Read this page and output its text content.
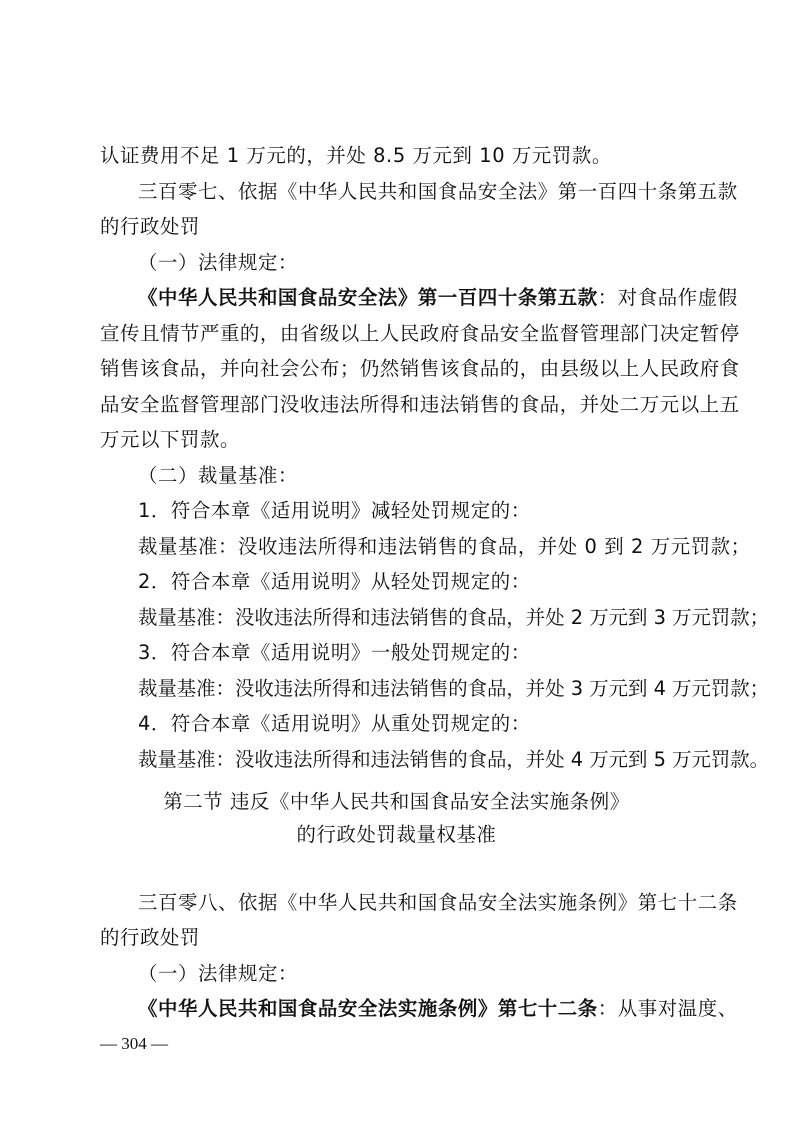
认证费用不足 1 万元的，并处 8.5 万元到 10 万元罚款。
三百零七、依据《中华人民共和国食品安全法》第一百四十条第五款
的行政处罚
（一）法律规定：
《中华人民共和国食品安全法》第一百四十条第五款：对食品作虚假
宣传且情节严重的，由省级以上人民政府食品安全监督管理部门决定暂停
销售该食品，并向社会公布；仍然销售该食品的，由县级以上人民政府食
品安全监督管理部门没收违法所得和违法销售的食品，并处二万元以上五
万元以下罚款。
（二）裁量基准：
1．符合本章《适用说明》减轻处罚规定的：
裁量基准：没收违法所得和违法销售的食品，并处 0 到 2 万元罚款；
2．符合本章《适用说明》从轻处罚规定的：
裁量基准：没收违法所得和违法销售的食品，并处 2 万元到 3 万元罚款；
3．符合本章《适用说明》一般处罚规定的：
裁量基准：没收违法所得和违法销售的食品，并处 3 万元到 4 万元罚款；
4．符合本章《适用说明》从重处罚规定的：
裁量基准：没收违法所得和违法销售的食品，并处 4 万元到 5 万元罚款。
第二节 违反《中华人民共和国食品安全法实施条例》
的行政处罚裁量权基准
三百零八、依据《中华人民共和国食品安全法实施条例》第七十二条
的行政处罚
（一）法律规定：
《中华人民共和国食品安全法实施条例》第七十二条：从事对温度、
— 304 —
